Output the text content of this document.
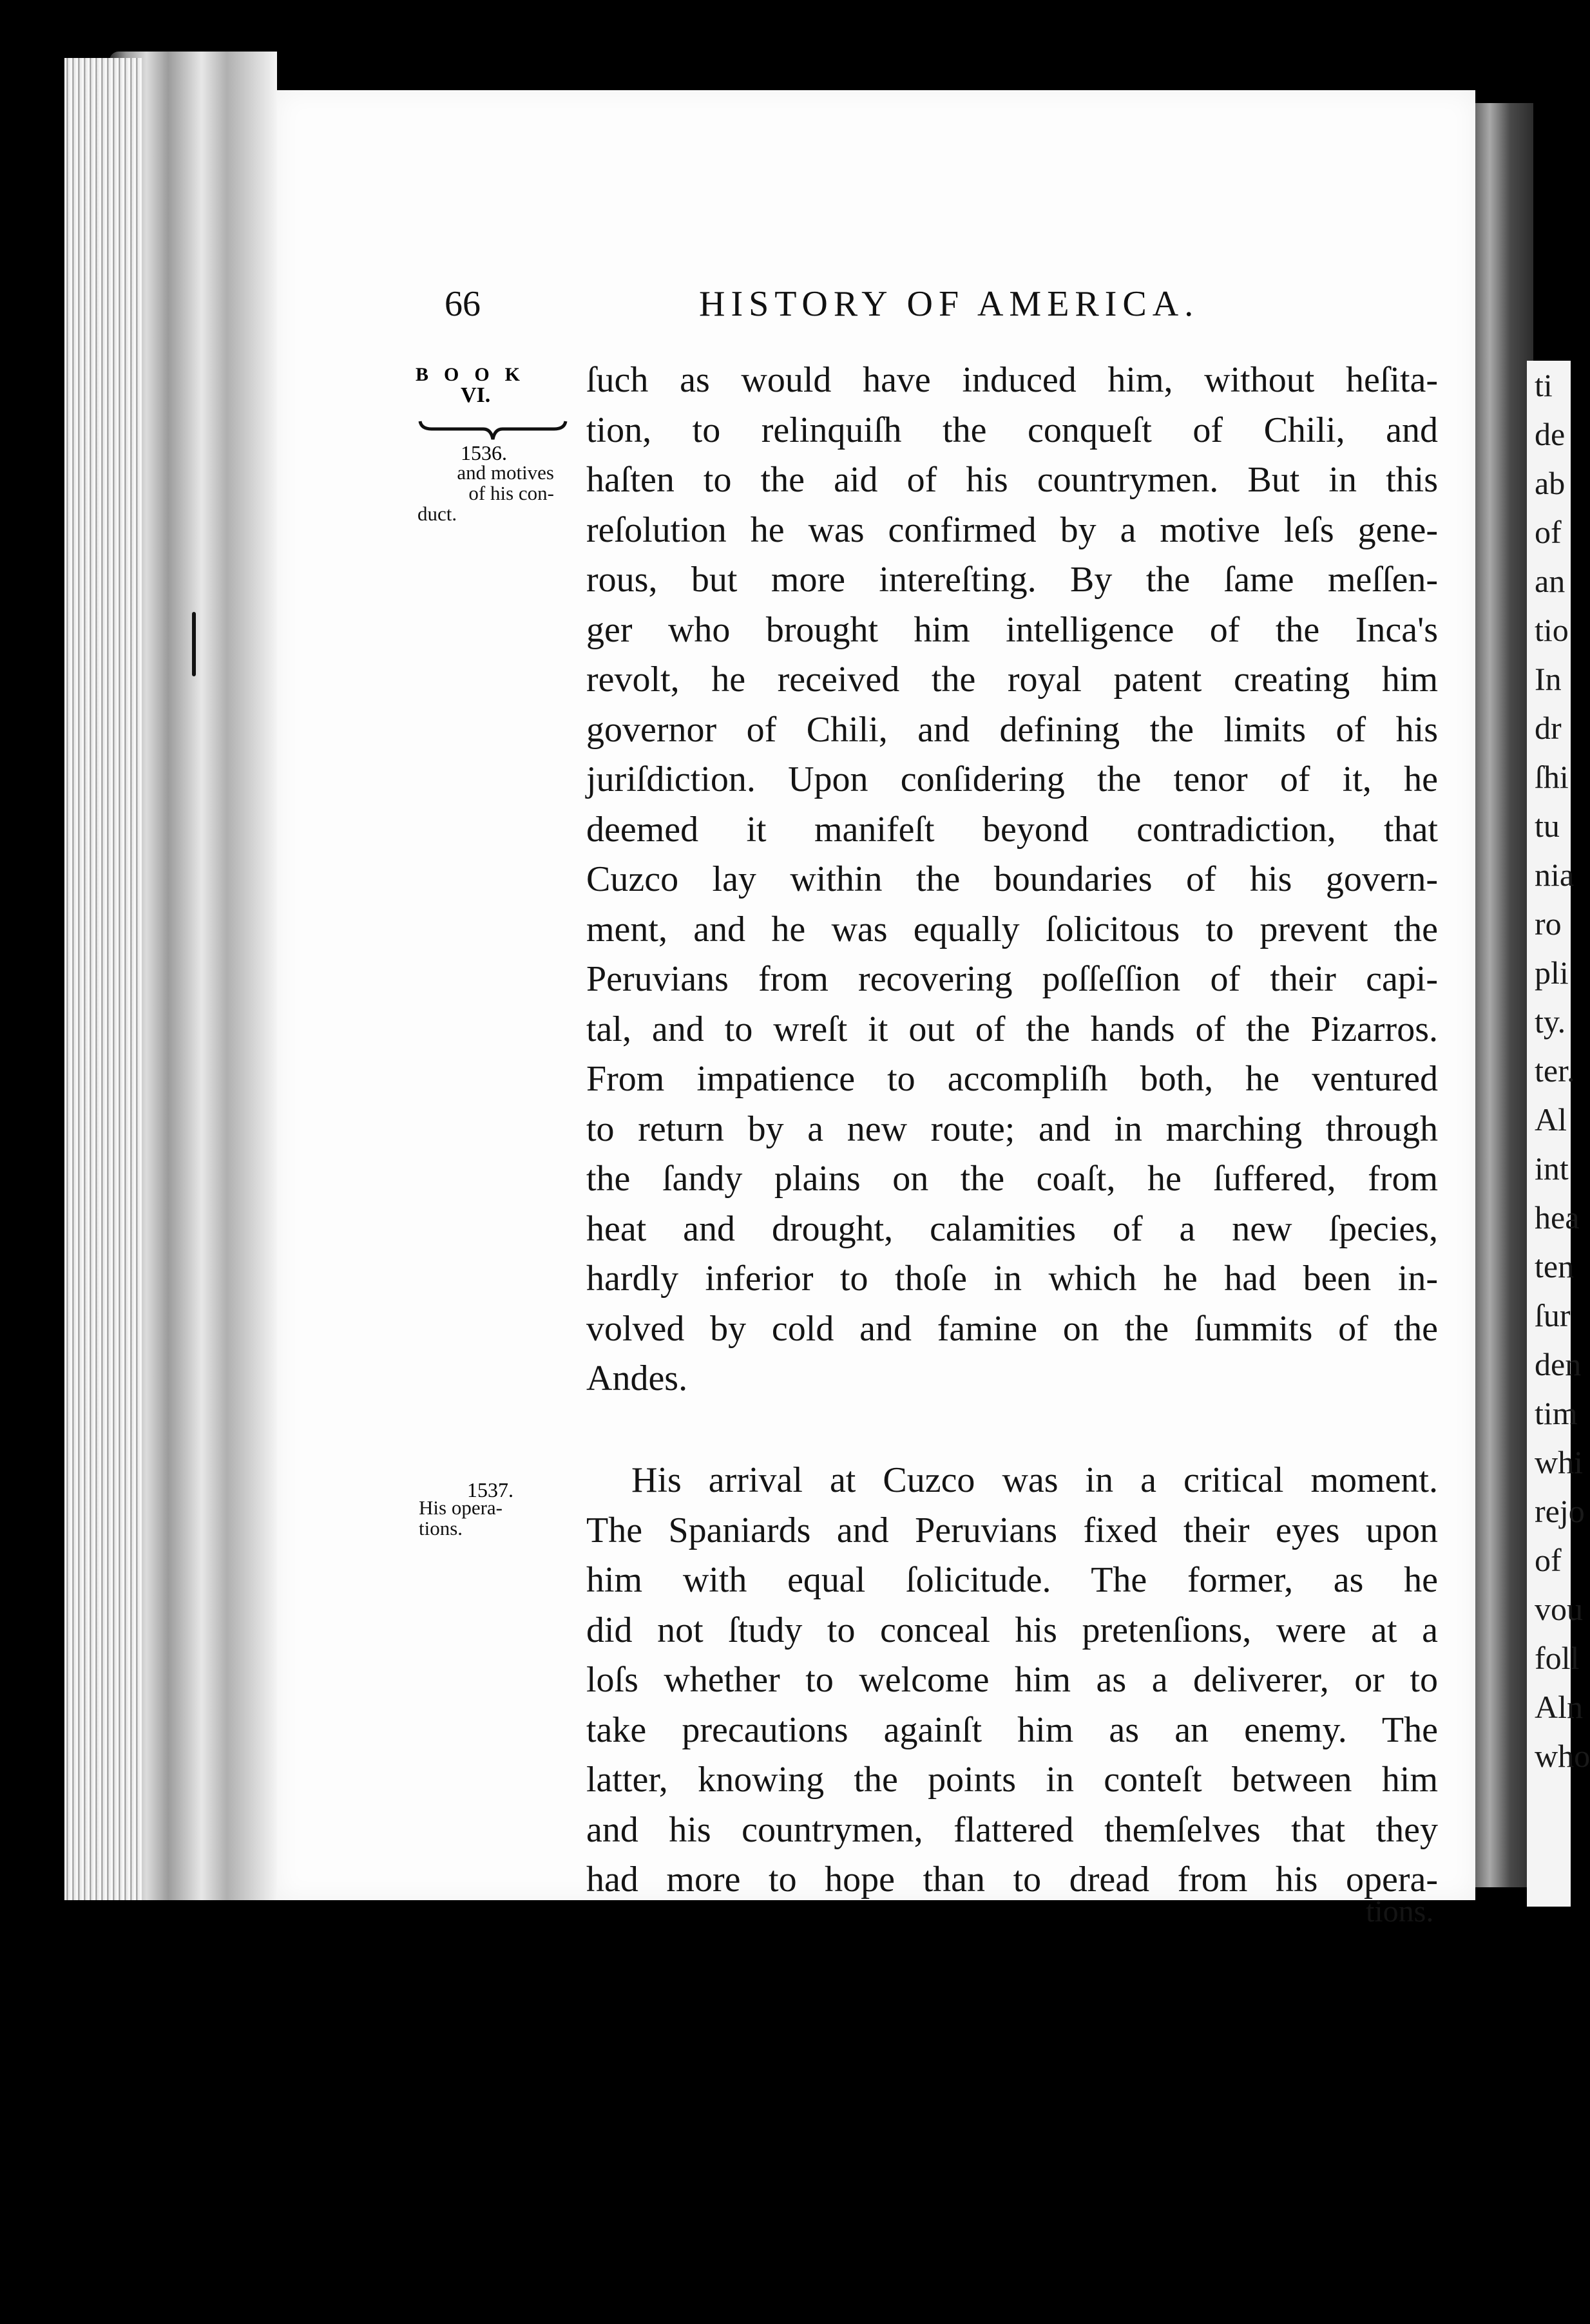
ti
de
ab
of
an
tio
In
dr
ſhi
tu
nia
ro
pli
ty.
ter.
Al
int
hea
ten
ſur
den
tim
whi
rejo
of
vou
foll
Aln
who
66	HISTORY OF AMERICA.
BOOK
VI.
1536.
and motives
of his con-
duct.
1537.
His opera-
tions.
ſuch as would have induced him, without heſita-
tion, to relinquiſh the conqueſt of Chili, and
haſten to the aid of his countrymen. But in this
reſolution he was confirmed by a motive leſs gene-
rous, but more intereſting. By the ſame meſſen-
ger who brought him intelligence of the Inca's
revolt, he received the royal patent creating him
governor of Chili, and defining the limits of his
juriſdiction. Upon conſidering the tenor of it, he
deemed it manifeſt beyond contradiction, that
Cuzco lay within the boundaries of his govern-
ment, and he was equally ſolicitous to prevent the
Peruvians from recovering poſſeſſion of their capi-
tal, and to wreſt it out of the hands of the Pizarros.
From impatience to accompliſh both, he ventured
to return by a new route; and in marching through
the ſandy plains on the coaſt, he ſuffered, from
heat and drought, calamities of a new ſpecies,
hardly inferior to thoſe in which he had been in-
volved by cold and famine on the ſummits of the
Andes.
His arrival at Cuzco was in a critical moment.
The Spaniards and Peruvians fixed their eyes upon
him with equal ſolicitude. The former, as he
did not ſtudy to conceal his pretenſions, were at a
loſs whether to welcome him as a deliverer, or to
take precautions againſt him as an enemy. The
latter, knowing the points in conteſt between him
and his countrymen, flattered themſelves that they
had more to hope than to dread from his opera-
tions.
